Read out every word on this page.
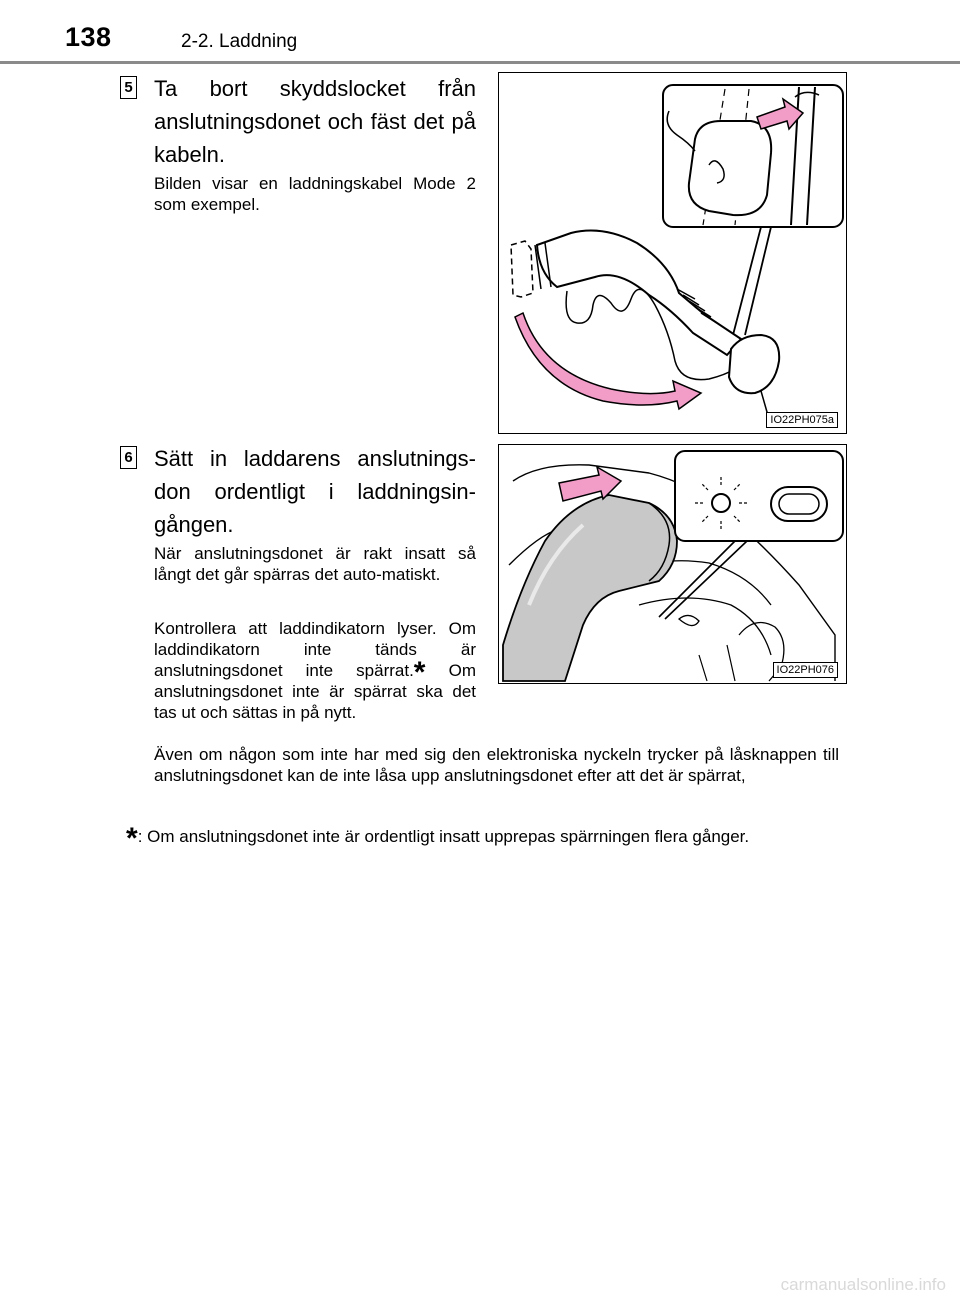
138	2-2. Laddning
5 Ta bort skyddslocket från anslutningsdonet och fäst det på kabeln.

Bilden visar en laddningskabel Mode 2 som exempel.

IO22PH075a
6 Sätt in laddarens anslutnings-don ordentligt i laddningsin-gången.

När anslutningsdonet är rakt insatt så långt det går spärras det auto-matiskt.

Kontrollera att laddindikatorn lyser. Om laddindikatorn inte tänds är anslutningsdonet inte spärrat.* Om anslutningsdonet inte är spärrat ska det tas ut och sättas in på nytt.

IO22PH076

Även om någon som inte har med sig den elektroniska nyckeln trycker på låsknappen till anslutningsdonet kan de inte låsa upp anslutningsdonet efter att det är spärrat,

*: Om anslutningsdonet inte är ordentligt insatt upprepas spärrningen flera gånger.

carmanualsonline.info
